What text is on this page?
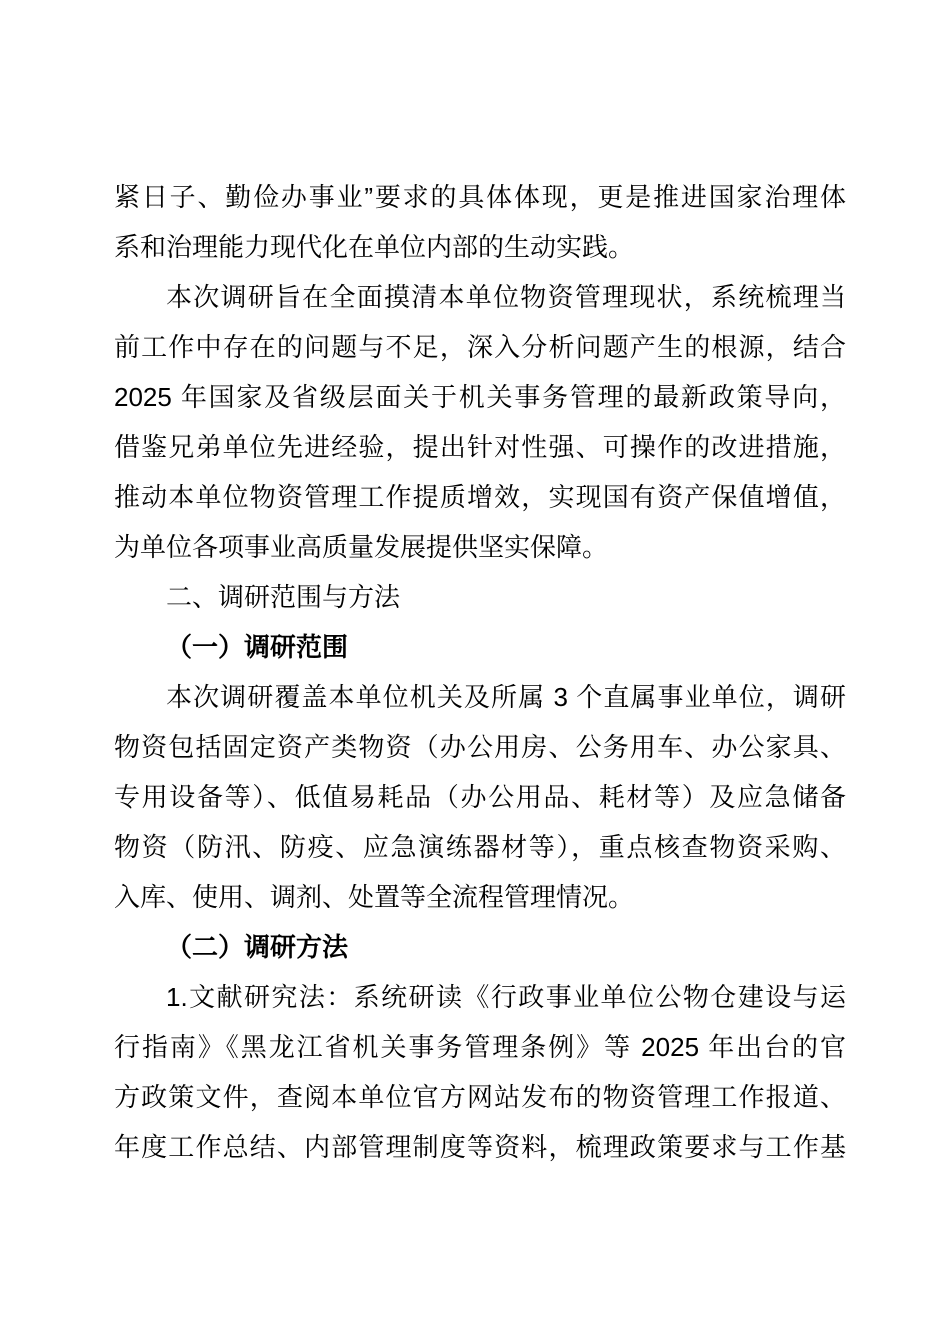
紧日子、勤俭办事业”要求的具体体现，更是推进国家治理体
系和治理能力现代化在单位内部的生动实践。
本次调研旨在全面摸清本单位物资管理现状，系统梳理当
前工作中存在的问题与不足，深入分析问题产生的根源，结合
2025 年国家及省级层面关于机关事务管理的最新政策导向，
借鉴兄弟单位先进经验，提出针对性强、可操作的改进措施，
推动本单位物资管理工作提质增效，实现国有资产保值增值，
为单位各项事业高质量发展提供坚实保障。
二、调研范围与方法
（一）调研范围
本次调研覆盖本单位机关及所属 3 个直属事业单位，调研
物资包括固定资产类物资（办公用房、公务用车、办公家具、
专用设备等）、低值易耗品（办公用品、耗材等）及应急储备
物资（防汛、防疫、应急演练器材等），重点核查物资采购、
入库、使用、调剂、处置等全流程管理情况。
（二）调研方法
1.文献研究法：系统研读《行政事业单位公物仓建设与运
行指南》《黑龙江省机关事务管理条例》等 2025 年出台的官
方政策文件，查阅本单位官方网站发布的物资管理工作报道、
年度工作总结、内部管理制度等资料，梳理政策要求与工作基
